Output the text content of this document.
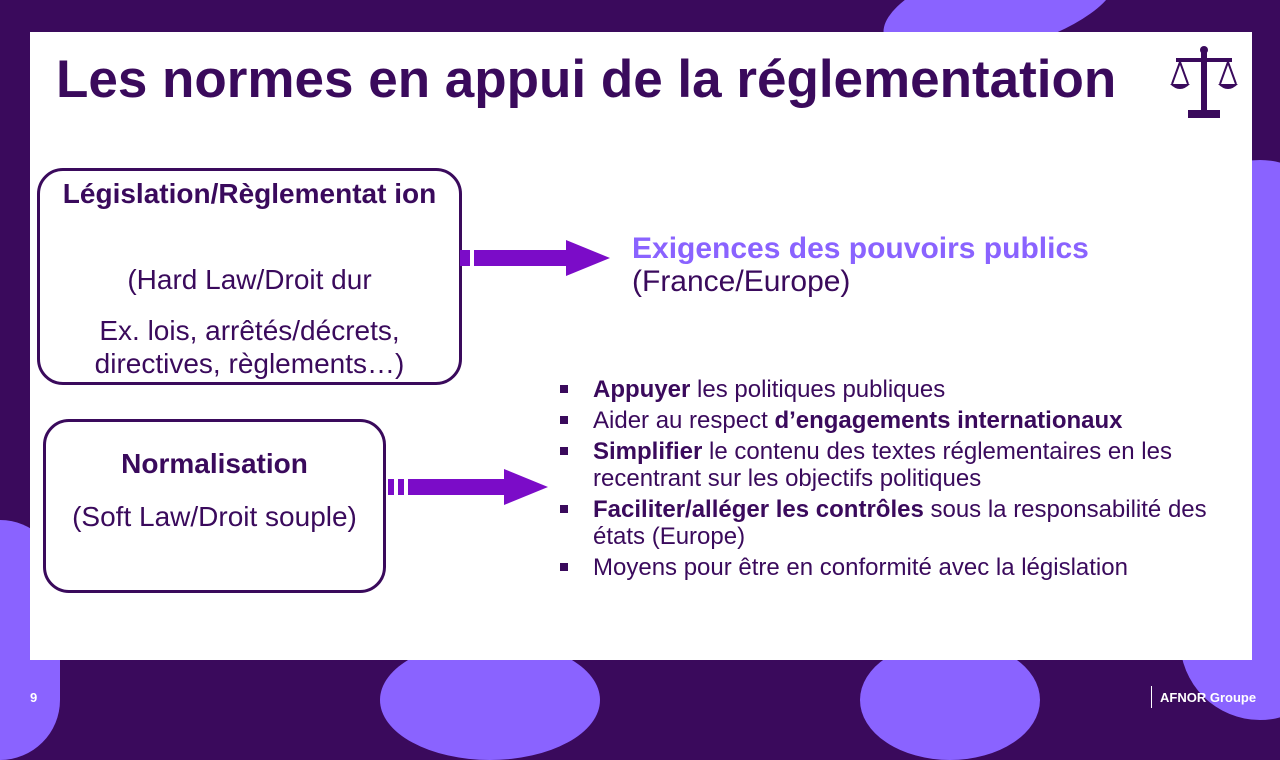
Les normes en appui de la réglementation
Législation/Règlementat ion
(Hard Law/Droit dur
Ex. lois, arrêtés/décrets, directives, règlements…)
Normalisation
(Soft Law/Droit souple)
Exigences des pouvoirs publics
(France/Europe)
Appuyer les politiques publiques
Aider au respect d’engagements internationaux
Simplifier le contenu des textes réglementaires en les recentrant sur les objectifs politiques
Faciliter/alléger les contrôles sous la responsabilité des états (Europe)
Moyens pour être en conformité avec la législation
9	AFNOR Groupe
